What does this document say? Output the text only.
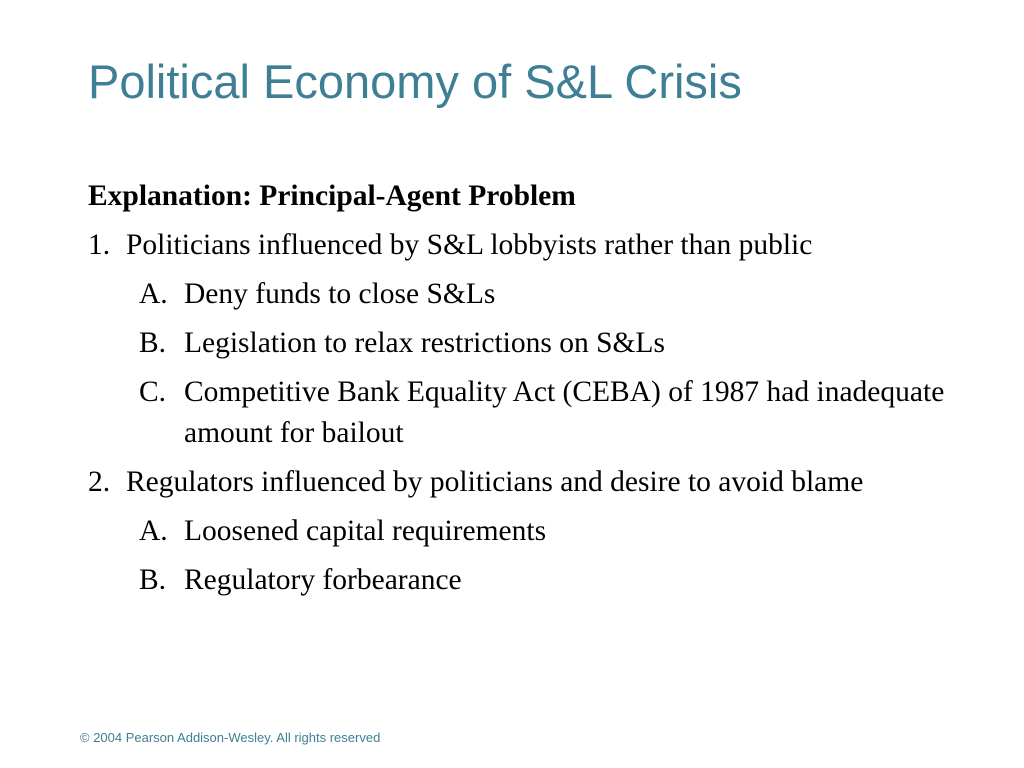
Political Economy of S&L Crisis
Explanation: Principal-Agent Problem
1. Politicians influenced by S&L lobbyists rather than public
A. Deny funds to close S&Ls
B. Legislation to relax restrictions on S&Ls
C. Competitive Bank Equality Act (CEBA) of 1987 had inadequate amount for bailout
2. Regulators influenced by politicians and desire to avoid blame
A. Loosened capital requirements
B. Regulatory forbearance
© 2004 Pearson Addison-Wesley. All rights reserved
